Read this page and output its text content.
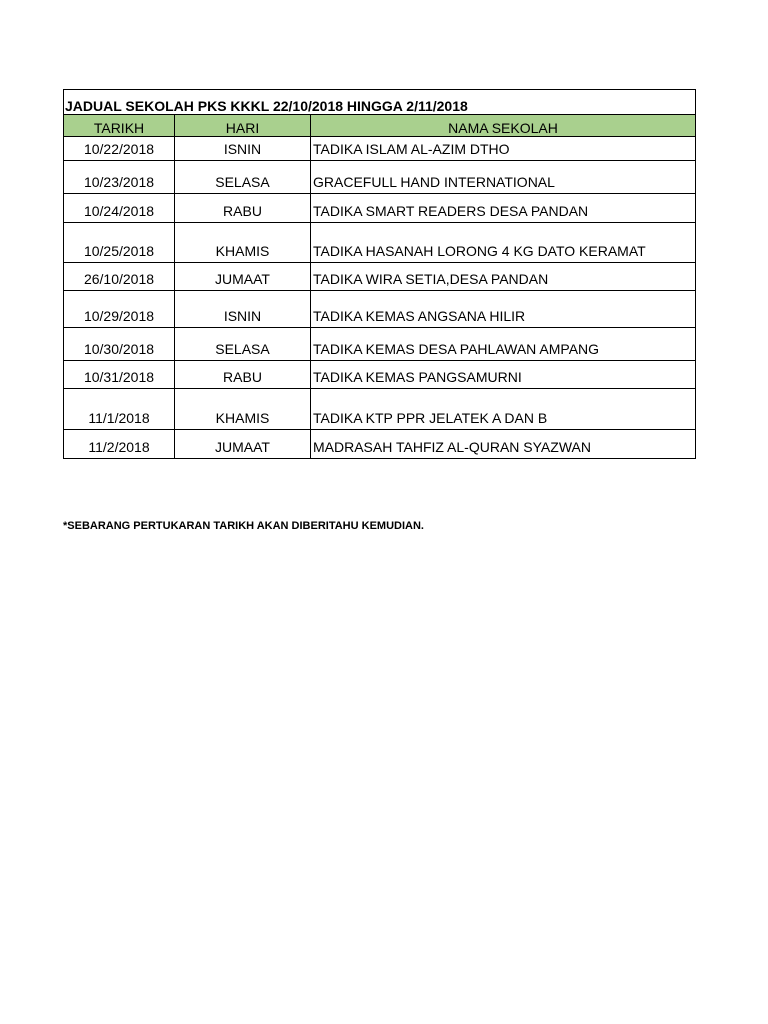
JADUAL SEKOLAH PKS KKKL 22/10/2018 HINGGA 2/11/2018		
TARIKH	HARI	NAMA SEKOLAH
10/22/2018	ISNIN	TADIKA ISLAM AL-AZIM DTHO
10/23/2018	SELASA	GRACEFULL HAND INTERNATIONAL
10/24/2018	RABU	TADIKA SMART READERS DESA PANDAN
10/25/2018	KHAMIS	TADIKA HASANAH LORONG 4 KG DATO KERAMAT
26/10/2018	JUMAAT	TADIKA WIRA SETIA,DESA PANDAN
10/29/2018	ISNIN	TADIKA KEMAS ANGSANA HILIR
10/30/2018	SELASA	TADIKA KEMAS DESA PAHLAWAN AMPANG
10/31/2018	RABU	TADIKA KEMAS PANGSAMURNI
11/1/2018	KHAMIS	TADIKA KTP PPR JELATEK A DAN B
11/2/2018	JUMAAT	MADRASAH TAHFIZ AL-QURAN SYAZWAN
*SEBARANG PERTUKARAN TARIKH AKAN DIBERITAHU KEMUDIAN.
